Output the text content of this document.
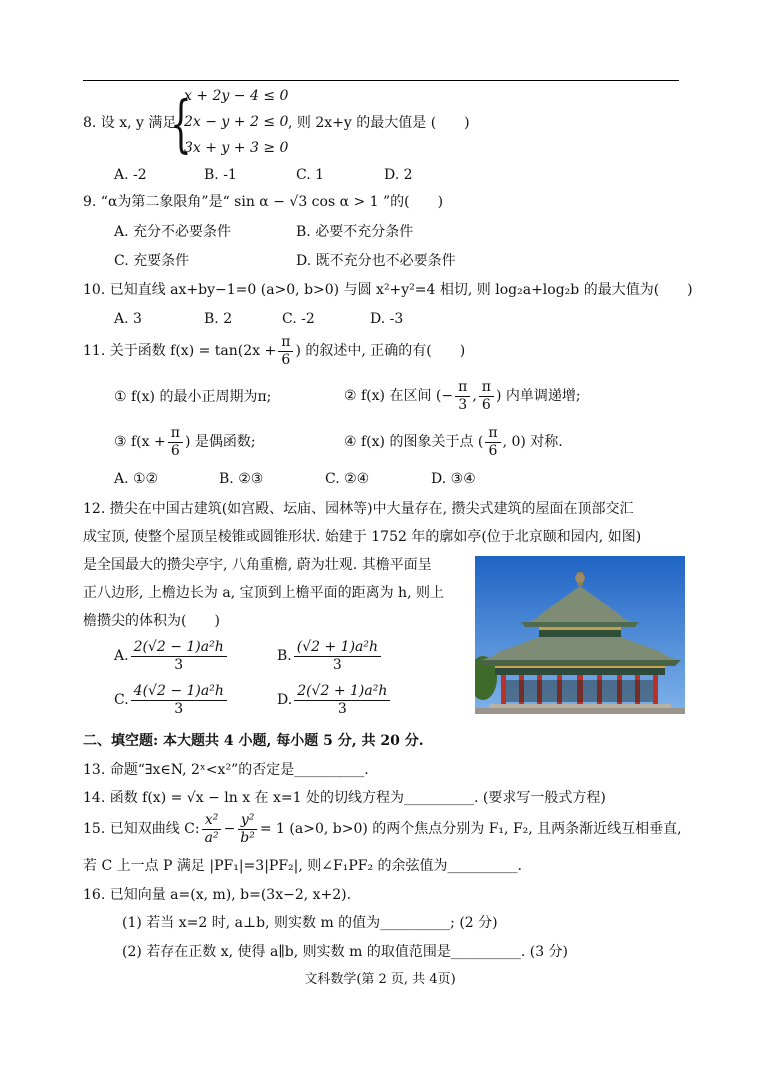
8. 设 x, y 满足
{
x + 2y − 4 ≤ 0
2x − y + 2 ≤ 0
3x + y + 3 ≥ 0
, 则 2x+y 的最大值是 (　　)
A. -2	B. -1	C. 1	D. 2
9. “α为第二象限角”是“ sin α − √3 cos α > 1 ”的(　　)
A. 充分不必要条件	B. 必要不充分条件
C. 充要条件	D. 既不充分也不必要条件
10. 已知直线 ax+by−1=0 (a>0, b>0) 与圆 x²+y²=4 相切, 则 log₂a+log₂b 的最大值为(　　)
A. 3	B. 2	C. -2	D. -3
11. 关于函数 $f(x) = \tan(2x + \frac{\pi}{6}$ ) 的叙述中, 正确的有(　　)
① f(x) 的最小正周期为π;	② f(x) 在区间 (− $\frac{\pi}{3}$ , $\frac{\pi}{6}$ ) 内单调递增;
③ $f(x + \frac{\pi}{6}$ ) 是偶函数;	④ f(x) 的图象关于点 ( $\frac{\pi}{6}$ , 0) 对称.
A. ①②	B. ②③	C. ②④	D. ③④
12. 攒尖在中国古建筑(如宫殿、坛庙、园林等)中大量存在, 攒尖式建筑的屋面在顶部交汇
成宝顶, 使整个屋顶呈棱锥或圆锥形状. 始建于 1752 年的廓如亭(位于北京颐和园内, 如图)
是全国最大的攒尖亭宇, 八角重檐, 蔚为壮观. 其檐平面呈
正八边形, 上檐边长为 a, 宝顶到上檐平面的距离为 h, 则上
檐攒尖的体积为(　　)
A. $\frac{\text{2(√2 − 1)a²h}}{3}$	B. $\frac{\text{(√2 + 1)a²h}}{3}$
C. $\frac{\text{4(√2 − 1)a²h}}{3}$	D. $\frac{\text{2(√2 + 1)a²h}}{3}$
二、填空题: 本大题共 4 小题, 每小题 5 分, 共 20 分.
13. 命题“∃x∈N, 2ˣ<x²”的否定是__________.
14. 函数 f(x) = √x − ln x 在 x=1 处的切线方程为__________. (要求写一般式方程)
15. 已知双曲线 C: $\frac{\text{x²}}{\text{a²}} - \frac{\text{y²}}{\text{b²}} = 1$ (a>0, b>0) 的两个焦点分别为 F₁, F₂, 且两条渐近线互相垂直,
若 C 上一点 P 满足 |PF₁|=3|PF₂|, 则∠F₁PF₂ 的余弦值为__________.
16. 已知向量 a=(x, m), b=(3x−2, x+2).
(1) 若当 x=2 时, a⊥b, 则实数 m 的值为__________; (2 分)
(2) 若存在正数 x, 使得 a∥b, 则实数 m 的取值范围是__________. (3 分)
文科数学(第 2 页, 共 4页)
